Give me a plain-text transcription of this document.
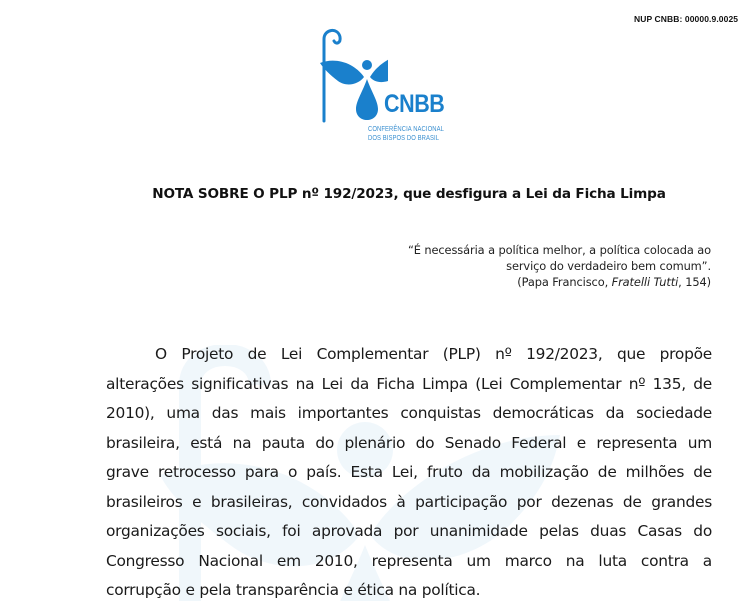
NUP CNBB: 00000.9.0025
CNBB
CONFERÊNCIA NACIONAL
DOS BISPOS DO BRASIL
NOTA SOBRE O PLP nº 192/2023, que desfigura a Lei da Ficha Limpa
“É necessária a política melhor, a política colocada ao
serviço do verdadeiro bem comum”.
(Papa Francisco, Fratelli Tutti, 154)
O Projeto de Lei Complementar (PLP) nº 192/2023, que propõe
alterações significativas na Lei da Ficha Limpa (Lei Complementar nº 135, de
2010), uma das mais importantes conquistas democráticas da sociedade
brasileira, está na pauta do plenário do Senado Federal e representa um
grave retrocesso para o país. Esta Lei, fruto da mobilização de milhões de
brasileiros e brasileiras, convidados à participação por dezenas de grandes
organizações sociais, foi aprovada por unanimidade pelas duas Casas do
Congresso Nacional em 2010, representa um marco na luta contra a
corrupção e pela transparência e ética na política.
